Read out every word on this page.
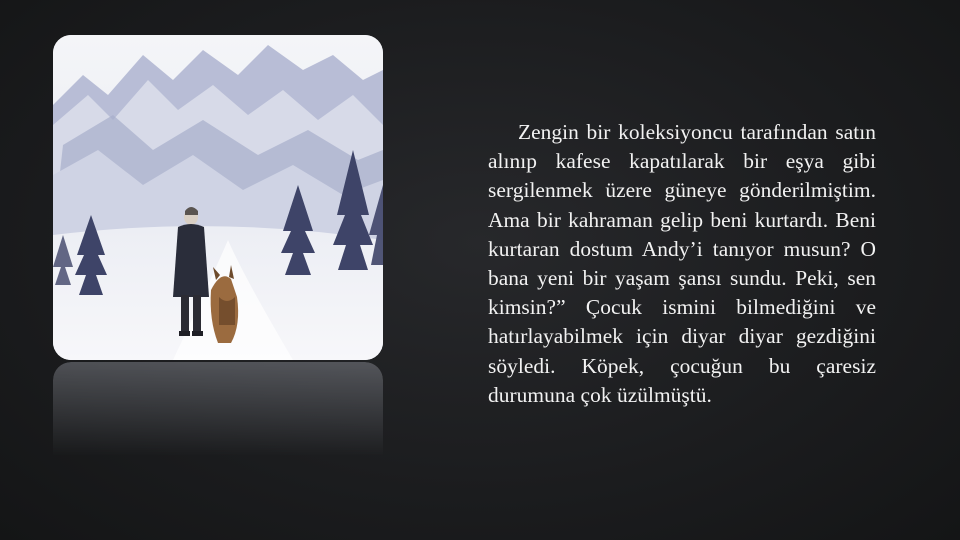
Zengin bir koleksiyoncu tarafından satın alınıp kafese kapatılarak bir eşya gibi sergilenmek üzere güneye gönderilmiştim. Ama bir kahraman gelip beni kurtardı. Beni kurtaran dostum Andy’i tanıyor musun? O bana yeni bir yaşam şansı sundu. Peki, sen kimsin?” Çocuk ismini bilmediğini ve hatırlayabilmek için diyar diyar gezdiğini söyledi. Köpek, çocuğun bu çaresiz durumuna çok üzülmüştü.
